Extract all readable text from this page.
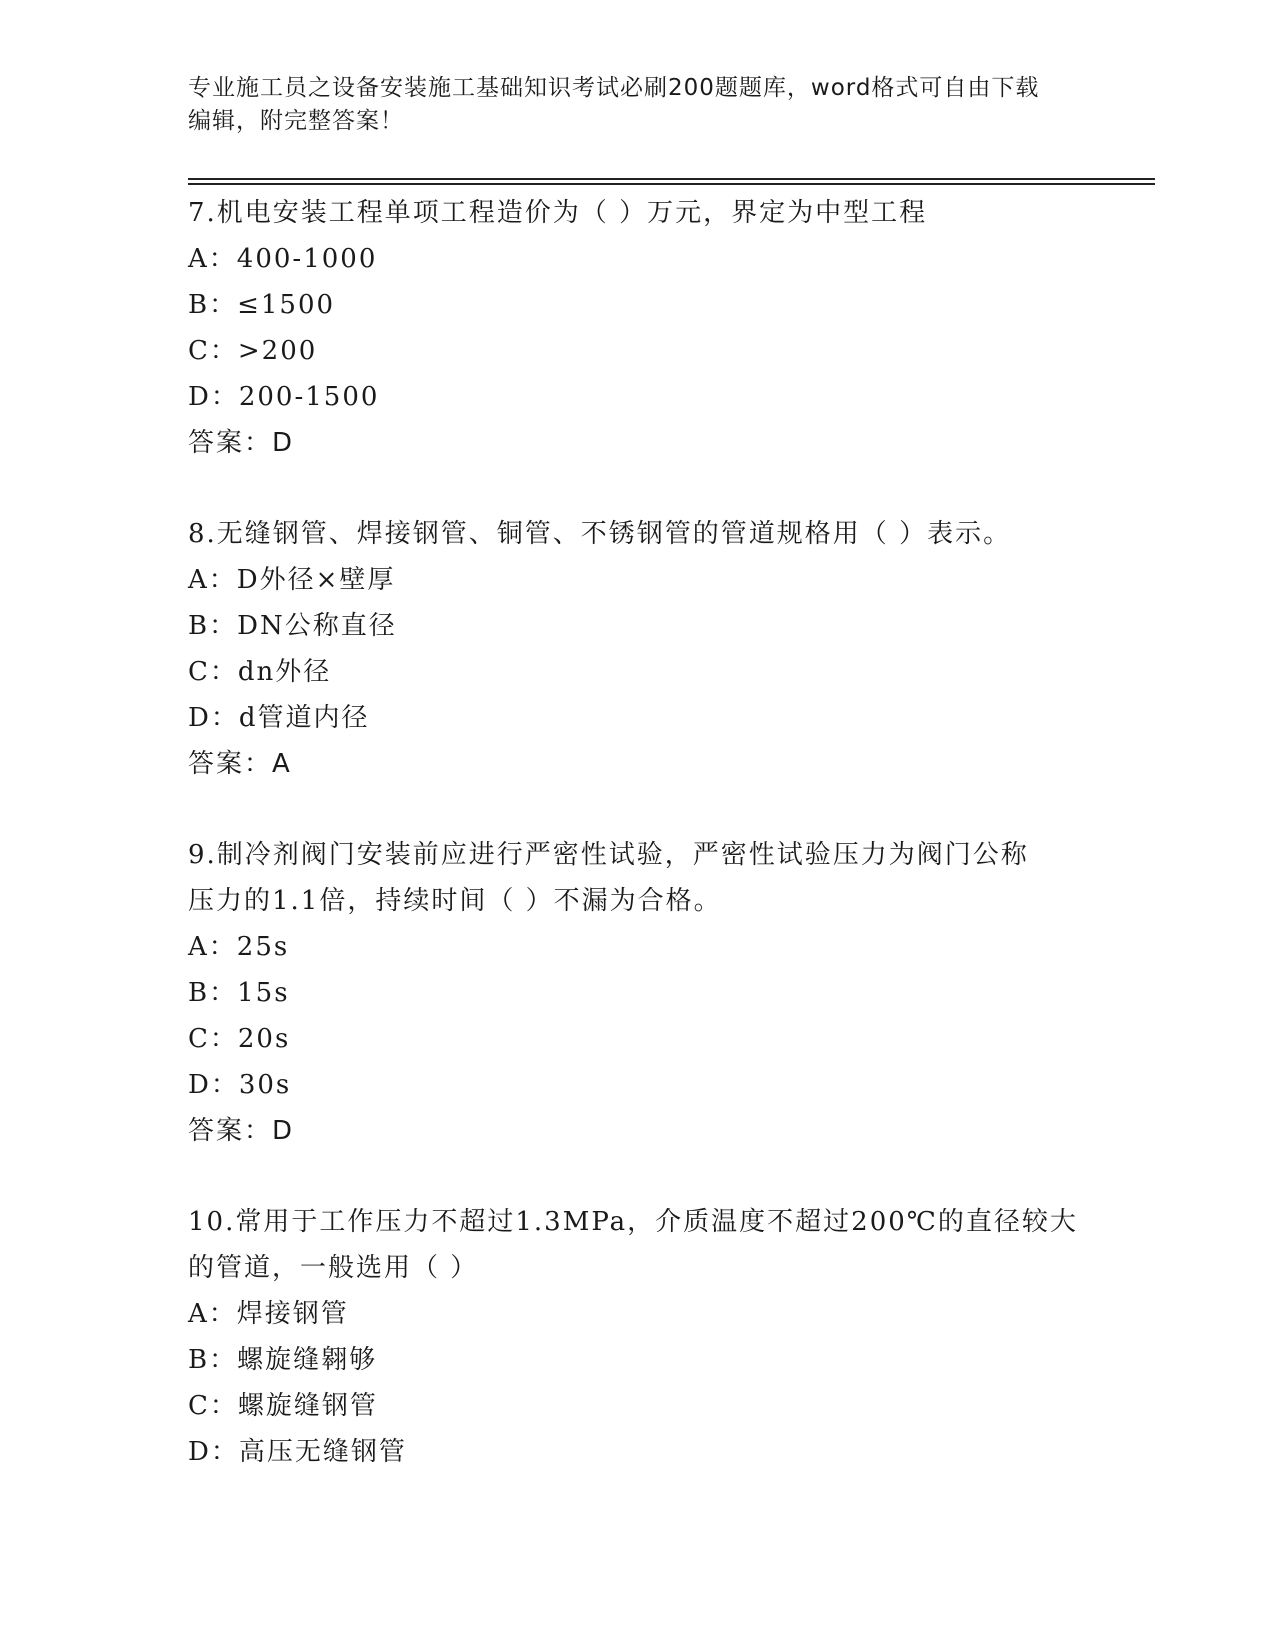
专业施工员之设备安装施工基础知识考试必刷200题题库，word格式可自由下载
编辑，附完整答案！
7.机电安装工程单项工程造价为（ ）万元，界定为中型工程
A：400-1000
B：≤1500
C：>200
D：200-1500
答案：D
8.无缝钢管、焊接钢管、铜管、不锈钢管的管道规格用（ ）表示。
A：D外径×壁厚
B：DN公称直径
C：dn外径
D：d管道内径
答案：A
9.制冷剂阀门安装前应进行严密性试验，严密性试验压力为阀门公称
压力的1.1倍，持续时间（ ）不漏为合格。
A：25s
B：15s
C：20s
D：30s
答案：D
10.常用于工作压力不超过1.3MPa，介质温度不超过200℃的直径较大
的管道，一般选用（ ）
A：焊接钢管
B：螺旋缝翱够
C：螺旋缝钢管
D：高压无缝钢管
